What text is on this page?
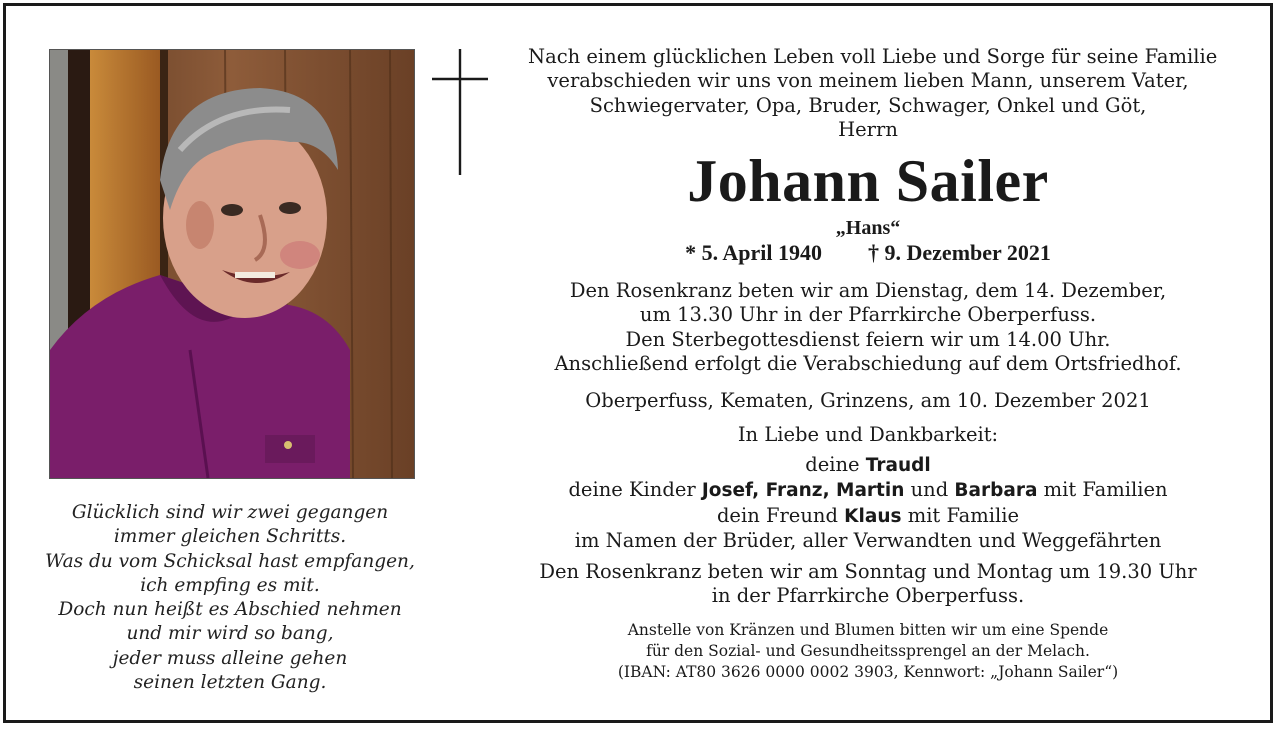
Glücklich sind wir zwei gegangen
immer gleichen Schritts.
Was du vom Schicksal hast empfangen,
ich empfing es mit.
Doch nun heißt es Abschied nehmen
und mir wird so bang,
jeder muss alleine gehen
seinen letzten Gang.
Nach einem glücklichen Leben voll Liebe und Sorge für seine Familie
verabschieden wir uns von meinem lieben Mann, unserem Vater,
Schwiegervater, Opa, Bruder, Schwager, Onkel und Göt,
Herrn
Johann Sailer
„Hans“
* 5. April 1940 † 9. Dezember 2021
Den Rosenkranz beten wir am Dienstag, dem 14. Dezember,
um 13.30 Uhr in der Pfarrkirche Oberperfuss.
Den Sterbegottesdienst feiern wir um 14.00 Uhr.
Anschließend erfolgt die Verabschiedung auf dem Ortsfriedhof.
Oberperfuss, Kematen, Grinzens, am 10. Dezember 2021
In Liebe und Dankbarkeit:
deine Traudl
deine Kinder Josef, Franz, Martin und Barbara mit Familien
dein Freund Klaus mit Familie
im Namen der Brüder, aller Verwandten und Weggefährten
Den Rosenkranz beten wir am Sonntag und Montag um 19.30 Uhr
in der Pfarrkirche Oberperfuss.
Anstelle von Kränzen und Blumen bitten wir um eine Spende
für den Sozial- und Gesundheitssprengel an der Melach.
(IBAN: AT80 3626 0000 0002 3903, Kennwort: „Johann Sailer“)
